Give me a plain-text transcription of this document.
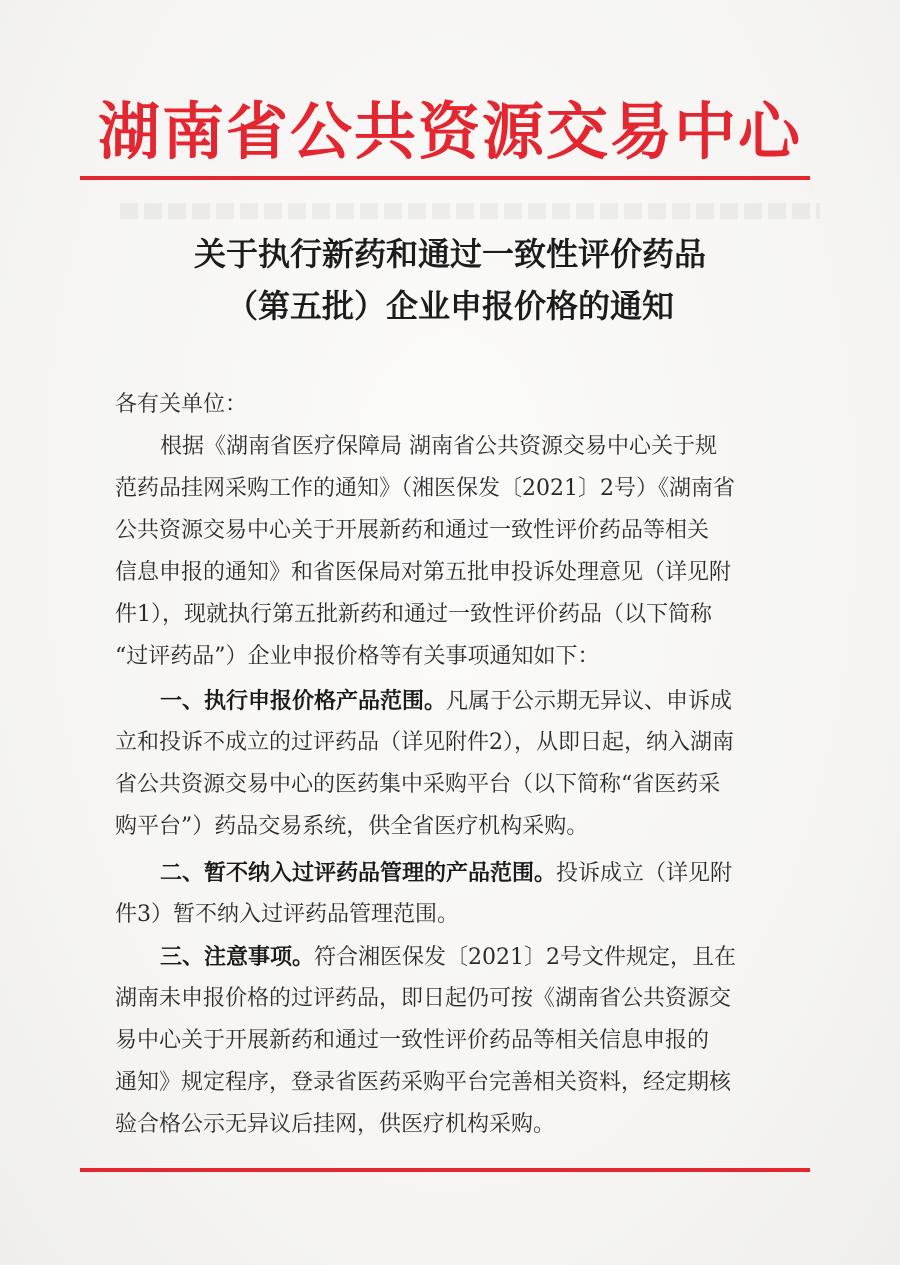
湖南省公共资源交易中心
关于执行新药和通过一致性评价药品
（第五批）企业申报价格的通知
各有关单位：
根据《湖南省医疗保障局 湖南省公共资源交易中心关于规
范药品挂网采购工作的通知》（湘医保发〔2021〕2号）《湖南省
公共资源交易中心关于开展新药和通过一致性评价药品等相关
信息申报的通知》和省医保局对第五批申投诉处理意见（详见附
件1），现就执行第五批新药和通过一致性评价药品（以下简称
“过评药品”）企业申报价格等有关事项通知如下：
一、执行申报价格产品范围。凡属于公示期无异议、申诉成
立和投诉不成立的过评药品（详见附件2），从即日起，纳入湖南
省公共资源交易中心的医药集中采购平台（以下简称“省医药采
购平台”）药品交易系统，供全省医疗机构采购。
二、暂不纳入过评药品管理的产品范围。投诉成立（详见附
件3）暂不纳入过评药品管理范围。
三、注意事项。符合湘医保发〔2021〕2号文件规定，且在
湖南未申报价格的过评药品，即日起仍可按《湖南省公共资源交
易中心关于开展新药和通过一致性评价药品等相关信息申报的
通知》规定程序，登录省医药采购平台完善相关资料，经定期核
验合格公示无异议后挂网，供医疗机构采购。
